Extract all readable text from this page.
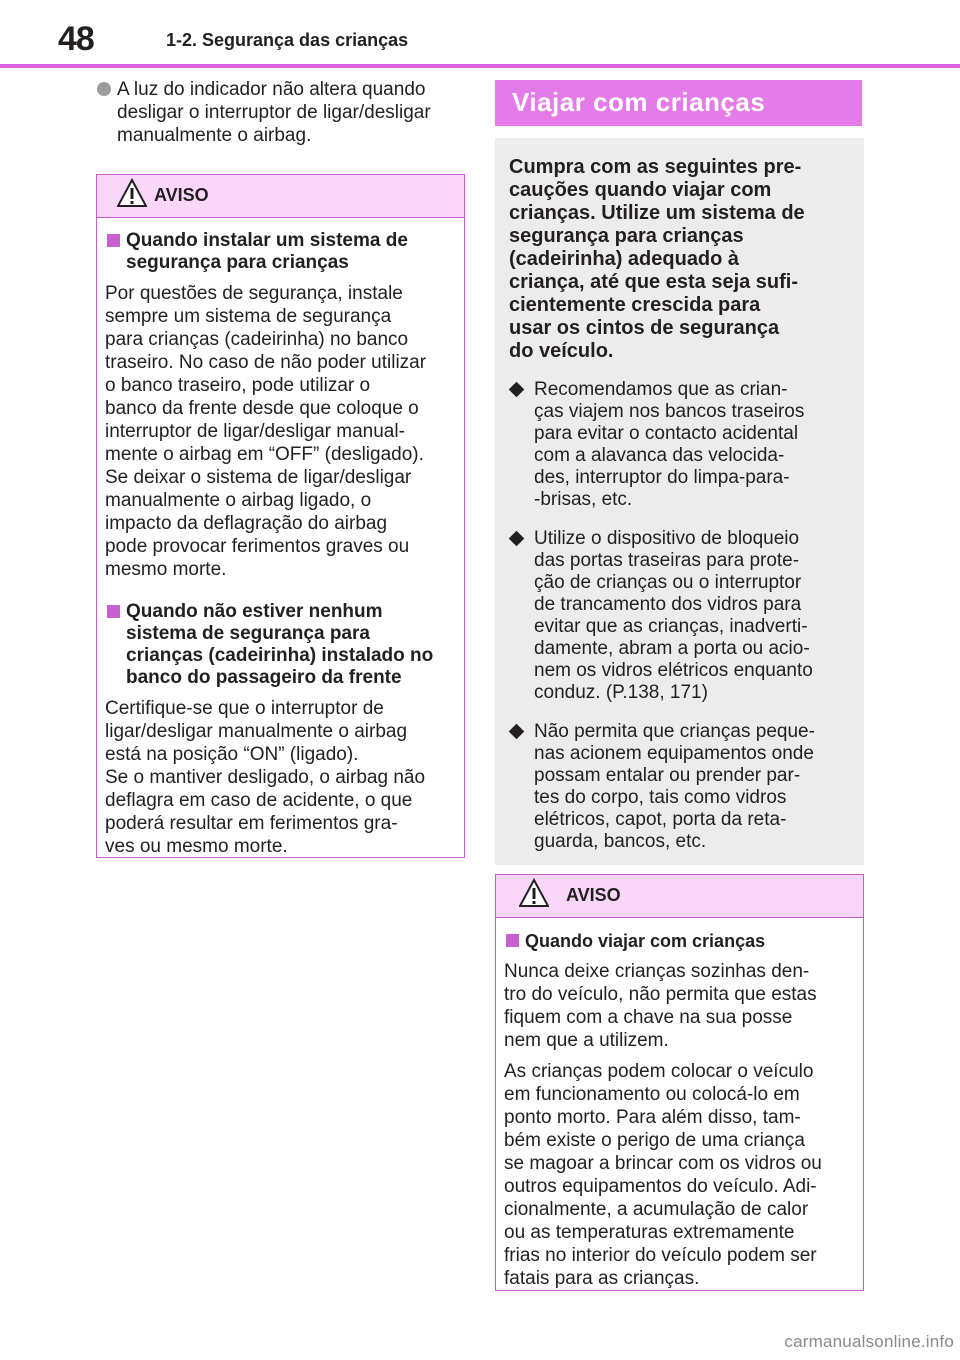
48	1-2. Segurança das crianças
A luz do indicador não altera quando
desligar o interruptor de ligar/desligar
manualmente o airbag.
AVISO
Quando instalar um sistema de segurança para crianças

Por questões de segurança, instale
sempre um sistema de segurança
para crianças (cadeirinha) no banco
traseiro. No caso de não poder utilizar
o banco traseiro, pode utilizar o
banco da frente desde que coloque o
interruptor de ligar/desligar manual-
mente o airbag em “OFF” (desligado).
Se deixar o sistema de ligar/desligar
manualmente o airbag ligado, o
impacto da deflagração do airbag
pode provocar ferimentos graves ou
mesmo morte.

Quando não estiver nenhum sistema de segurança para crianças (cadeirinha) instalado no banco do passageiro da frente

Certifique-se que o interruptor de
ligar/desligar manualmente o airbag
está na posição “ON” (ligado).
Se o mantiver desligado, o airbag não
deflagra em caso de acidente, o que
poderá resultar em ferimentos gra-
ves ou mesmo morte.

Viajar com crianças
Cumpra com as seguintes pre-
cauções quando viajar com
crianças. Utilize um sistema de
segurança para crianças
(cadeirinha) adequado à
criança, até que esta seja sufi-
cientemente crescida para
usar os cintos de segurança
do veículo.
Recomendamos que as crian-
ças viajem nos bancos traseiros
para evitar o contacto acidental
com a alavanca das velocida-
des, interruptor do limpa-para-
-brisas, etc.
Utilize o dispositivo de bloqueio
das portas traseiras para prote-
ção de crianças ou o interruptor
de trancamento dos vidros para
evitar que as crianças, inadverti-
damente, abram a porta ou acio-
nem os vidros elétricos enquanto
conduz. (P.138, 171)
Não permita que crianças peque-
nas acionem equipamentos onde
possam entalar ou prender par-
tes do corpo, tais como vidros
elétricos, capot, porta da reta-
guarda, bancos, etc.
AVISO
Quando viajar com crianças

Nunca deixe crianças sozinhas den-
tro do veículo, não permita que estas
fiquem com a chave na sua posse
nem que a utilizem.

As crianças podem colocar o veículo
em funcionamento ou colocá-lo em
ponto morto. Para além disso, tam-
bém existe o perigo de uma criança
se magoar a brincar com os vidros ou
outros equipamentos do veículo. Adi-
cionalmente, a acumulação de calor
ou as temperaturas extremamente
frias no interior do veículo podem ser
fatais para as crianças.

carmanualsonline.info
